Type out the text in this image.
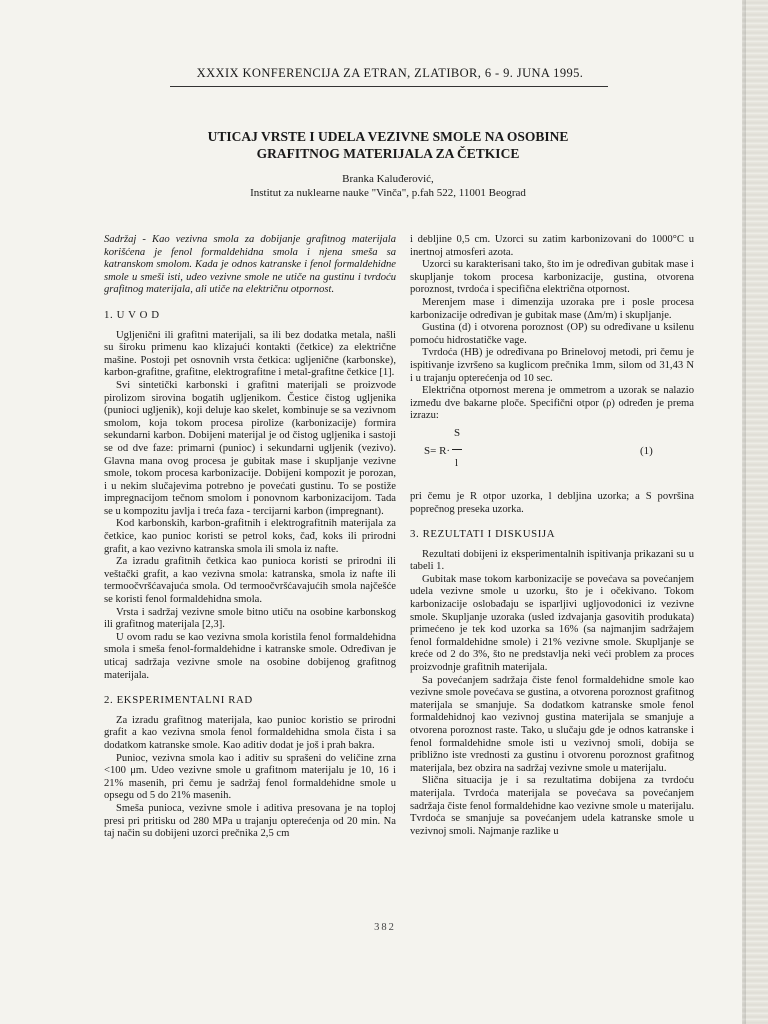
XXXIX KONFERENCIJA ZA ETRAN, ZLATIBOR, 6 - 9. JUNA 1995.
UTICAJ VRSTE I UDELA VEZIVNE SMOLE NA OSOBINE
GRAFITNOG MATERIJALA ZA ČETKICE
Branka Kaluđerović,
Institut za nuklearne nauke "Vinča", p.fah 522, 11001 Beograd

Sadržaj - Kao vezivna smola za dobijanje grafitnog materijala korišćena je fenol formaldehidna smola i njena smeša sa katranskom smolom. Kada je odnos katranske i fenol formaldehidne smole u smeši isti, udeo vezivne smole ne utiče na gustinu i tvrdoću grafitnog materijala, ali utiče na električnu otpornost.

1. U V O D

Ugljenični ili grafitni materijali, sa ili bez dodatka metala, našli su široku primenu kao klizajući kontakti (četkice) za električne mašine. Postoji pet osnovnih vrsta četkica: ugljenične (karbonske), karbon-grafitne, grafitne, elektrografitne i metal-grafitne četkice [1].

Svi sintetički karbonski i grafitni materijali se proizvode pirolizom sirovina bogatih ugljenikom. Čestice čistog ugljenika (punioci ugljenik), koji deluje kao skelet, kombinuje se sa vezivnom smolom, koja tokom procesa pirolize (karbonizacije) formira sekundarni karbon. Dobijeni materijal je od čistog ugljenika i sastoji se od dve faze: primarni (punioc) i sekundarni ugljenik (vezivo). Glavna mana ovog procesa je gubitak mase i skupljanje vezivne smole, tokom procesa karbonizacije. Dobijeni kompozit je porozan, i u nekim slučajevima potrebno je povećati gustinu. To se postiže impregnacijom tečnom smolom i ponovnom karbonizacijom. Tada se u kompozitu javlja i treća faza - tercijarni karbon (impregnant).

Kod karbonskih, karbon-grafitnih i elektrografitnih materijala za četkice, kao punioc koristi se petrol koks, čađ, koks ili prirodni grafit, a kao vezivno katranska smola ili smola iz nafte.

Za izradu grafitnih četkica kao punioca koristi se prirodni ili veštački grafit, a kao vezivna smola: katranska, smola iz nafte ili termoočvršćavajuća smola. Od termoočvršćavajućih smola najčešće se koristi fenol formaldehidna smola.

Vrsta i sadržaj vezivne smole bitno utiču na osobine karbonskog ili grafitnog materijala [2,3].

U ovom radu se kao vezivna smola koristila fenol formaldehidna smola i smeša fenol-formaldehidne i katranske smole. Određivan je uticaj sadržaja vezivne smole na osobine dobijenog grafitnog materijala.

2. EKSPERIMENTALNI RAD

Za izradu grafitnog materijala, kao punioc koristio se prirodni grafit a kao vezivna smola fenol formaldehidna smola čista i sa dodatkom katranske smole. Kao aditiv dodat je još i prah bakra.

Punioc, vezivna smola kao i aditiv su sprašeni do veličine zrna <100 μm. Udeo vezivne smole u grafitnom materijalu je 10, 16 i 21% masenih, pri čemu je sadržaj fenol formaldehidne smole u opsegu od 5 do 21% masenih.

Smeša punioca, vezivne smole i aditiva presovana je na toploj presi pri pritisku od 280 MPa u trajanju opterećenja od 20 min. Na taj način su dobijeni uzorci prečnika 2,5 cm

i debljine 0,5 cm. Uzorci su zatim karbonizovani do 1000°C u inertnoj atmosferi azota.

Uzorci su karakterisani tako, što im je određivan gubitak mase i skupljanje tokom procesa karbonizacije, gustina, otvorena poroznost, tvrdoća i specifična električna otpornost.

Merenjem mase i dimenzija uzoraka pre i posle procesa karbonizacije određivan je gubitak mase (Δm/m) i skupljanje.

Gustina (d) i otvorena poroznost (OP) su određivane u ksilenu pomoću hidrostatičke vage.

Tvrdoća (HB) je određivana po Brinelovoj metodi, pri čemu je ispitivanje izvršeno sa kuglicom prečnika 1mm, silom od 31,43 N i u trajanju opterećenja od 10 sec.

Električna otpornost merena je ommetrom a uzorak se nalazio između dve bakarne ploče. Specifični otpor (ρ) određen je prema izrazu:

S= R·
S
l
(1)

pri čemu je R otpor uzorka, l debljina uzorka; a S površina poprečnog preseka uzorka.

3. REZULTATI I DISKUSIJA

Rezultati dobijeni iz eksperimentalnih ispitivanja prikazani su u tabeli 1.

Gubitak mase tokom karbonizacije se povećava sa povećanjem udela vezivne smole u uzorku, što je i očekivano. Tokom karbonizacije oslobađaju se isparljivi ugljovodonici iz vezivne smole. Skupljanje uzoraka (usled izdvajanja gasovitih produkata) primećeno je tek kod uzorka sa 16% (sa najmanjim sadržajem fenol formaldehidne smole) i 21% vezivne smole. Skupljanje se kreće od 2 do 3%, što ne predstavlja neki veći problem za proces proizvodnje grafitnih materijala.

Sa povećanjem sadržaja čiste fenol formaldehidne smole kao vezivne smole povećava se gustina, a otvorena poroznost grafitnog materijala se smanjuje. Sa dodatkom katranske smole fenol formaldehidnoj kao vezivnoj gustina materijala se smanjuje a otvorena poroznost raste. Tako, u slučaju gde je odnos katranske i fenol formaldehidne smole isti u vezivnoj smoli, dobija se približno iste vrednosti za gustinu i otvorenu poroznost grafitnog materijala, bez obzira na sadržaj vezivne smole u materijalu.

Slična situacija je i sa rezultatima dobijena za tvrdoću materijala. Tvrdoća materijala se povećava sa povećanjem sadržaja čiste fenol formaldehidne kao vezivne smole u materijalu. Tvrdoća se smanjuje sa povećanjem udela katranske smole u vezivnoj smoli. Najmanje razlike u

382
